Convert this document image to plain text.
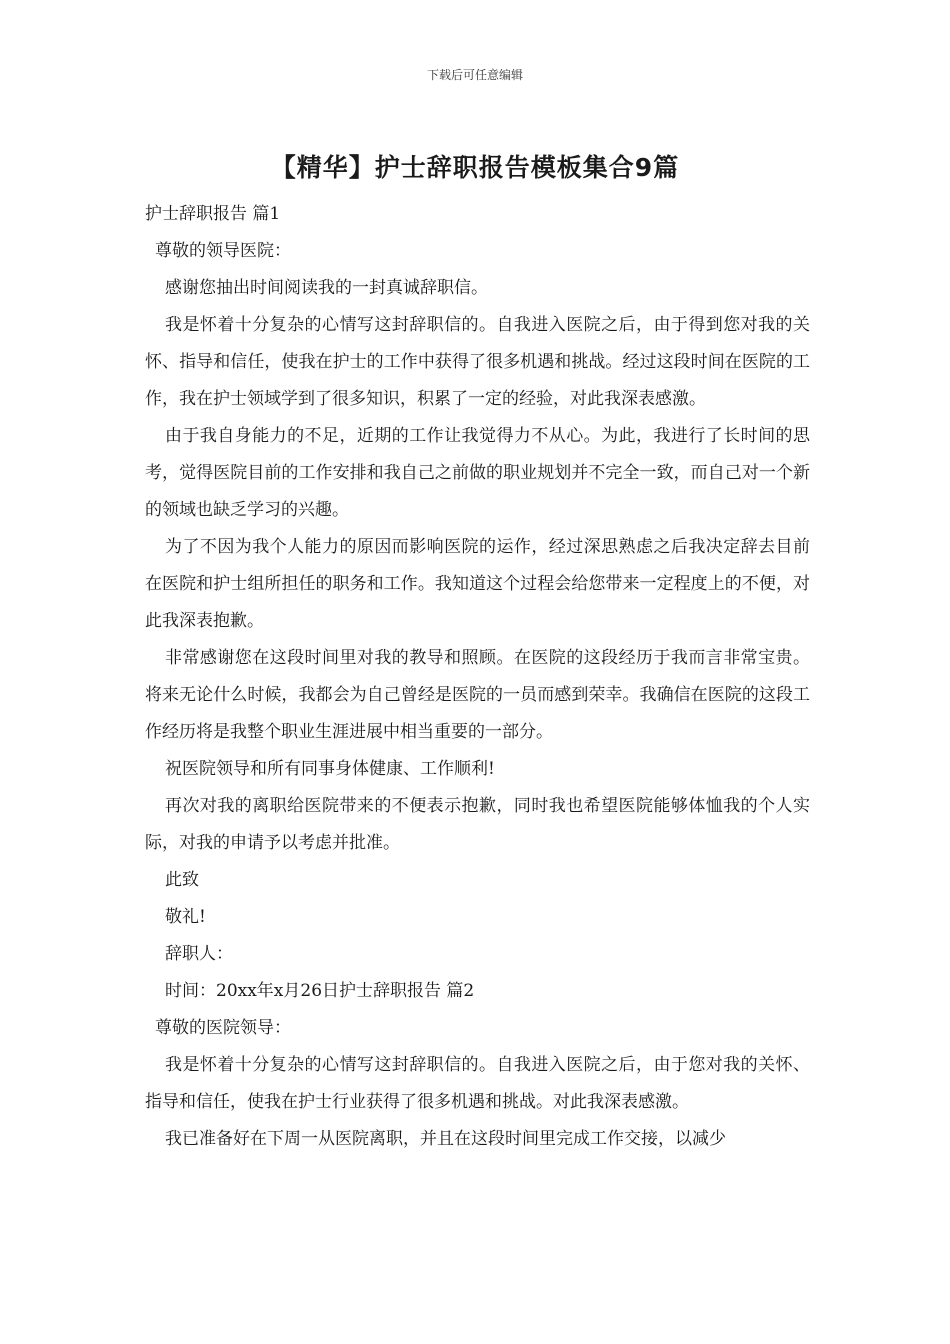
下载后可任意编辑
【精华】护士辞职报告模板集合9篇
护士辞职报告 篇1
尊敬的领导医院：

感谢您抽出时间阅读我的一封真诚辞职信。

我是怀着十分复杂的心情写这封辞职信的。自我进入医院之后，由于得到您对我的关怀、指导和信任，使我在护士的工作中获得了很多机遇和挑战。经过这段时间在医院的工作，我在护士领域学到了很多知识，积累了一定的经验，对此我深表感激。

由于我自身能力的不足，近期的工作让我觉得力不从心。为此，我进行了长时间的思考，觉得医院目前的工作安排和我自己之前做的职业规划并不完全一致，而自己对一个新的领域也缺乏学习的兴趣。

为了不因为我个人能力的原因而影响医院的运作，经过深思熟虑之后我决定辞去目前在医院和护士组所担任的职务和工作。我知道这个过程会给您带来一定程度上的不便，对此我深表抱歉。

非常感谢您在这段时间里对我的教导和照顾。在医院的这段经历于我而言非常宝贵。将来无论什么时候，我都会为自己曾经是医院的一员而感到荣幸。我确信在医院的这段工作经历将是我整个职业生涯进展中相当重要的一部分。

祝医院领导和所有同事身体健康、工作顺利!

再次对我的离职给医院带来的不便表示抱歉，同时我也希望医院能够体恤我的个人实际，对我的申请予以考虑并批准。

此致
敬礼!
辞职人：
时间：20xx年x月26日护士辞职报告 篇2
尊敬的医院领导：

我是怀着十分复杂的心情写这封辞职信的。自我进入医院之后，由于您对我的关怀、指导和信任，使我在护士行业获得了很多机遇和挑战。对此我深表感激。

我已准备好在下周一从医院离职，并且在这段时间里完成工作交接，以减少
